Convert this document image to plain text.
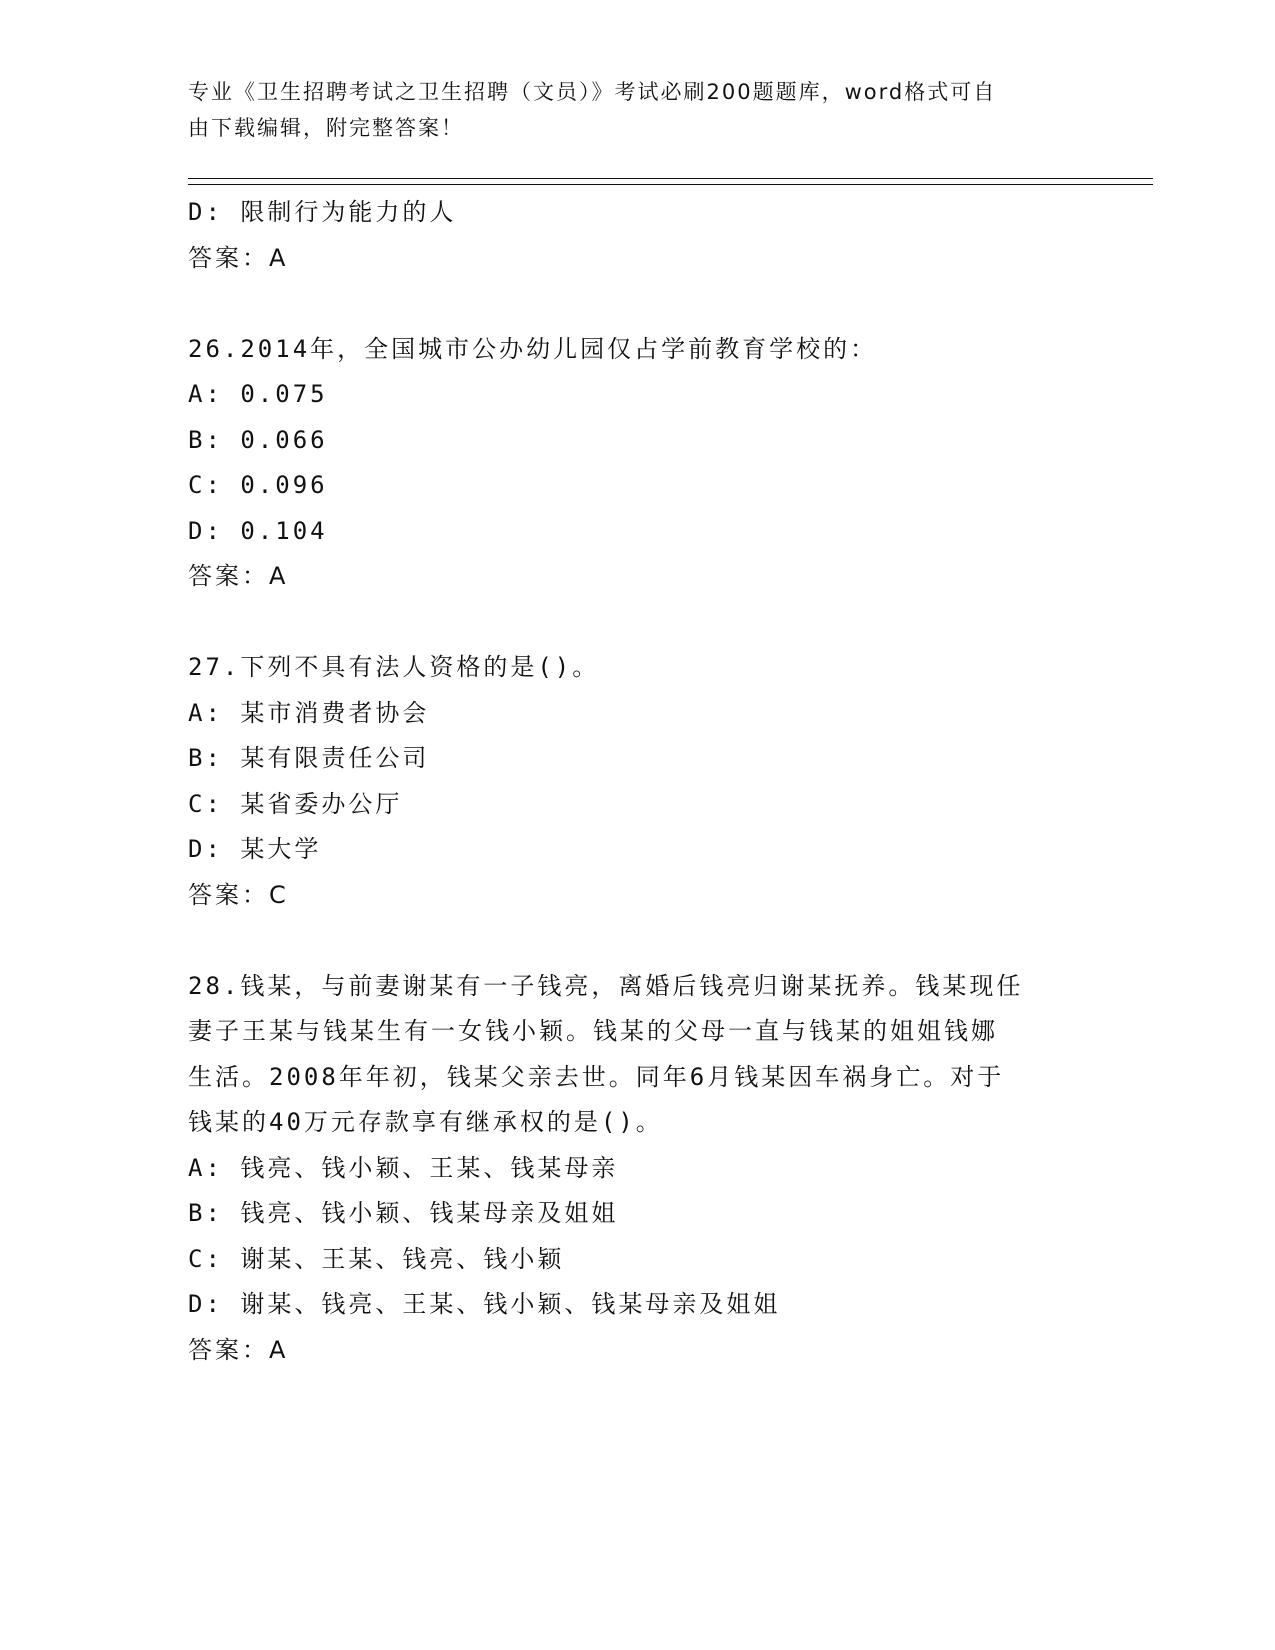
专业《卫生招聘考试之卫生招聘（文员）》考试必刷200题题库，word格式可自
由下载编辑，附完整答案！
D: 限制行为能力的人
答案：A
26.2014年，全国城市公办幼儿园仅占学前教育学校的：
A: 0.075
B: 0.066
C: 0.096
D: 0.104
答案：A
27.下列不具有法人资格的是()。
A: 某市消费者协会
B: 某有限责任公司
C: 某省委办公厅
D: 某大学
答案：C
28.钱某，与前妻谢某有一子钱亮，离婚后钱亮归谢某抚养。钱某现任
妻子王某与钱某生有一女钱小颖。钱某的父母一直与钱某的姐姐钱娜
生活。2008年年初，钱某父亲去世。同年6月钱某因车祸身亡。对于
钱某的40万元存款享有继承权的是()。
A: 钱亮、钱小颖、王某、钱某母亲
B: 钱亮、钱小颖、钱某母亲及姐姐
C: 谢某、王某、钱亮、钱小颖
D: 谢某、钱亮、王某、钱小颖、钱某母亲及姐姐
答案：A
